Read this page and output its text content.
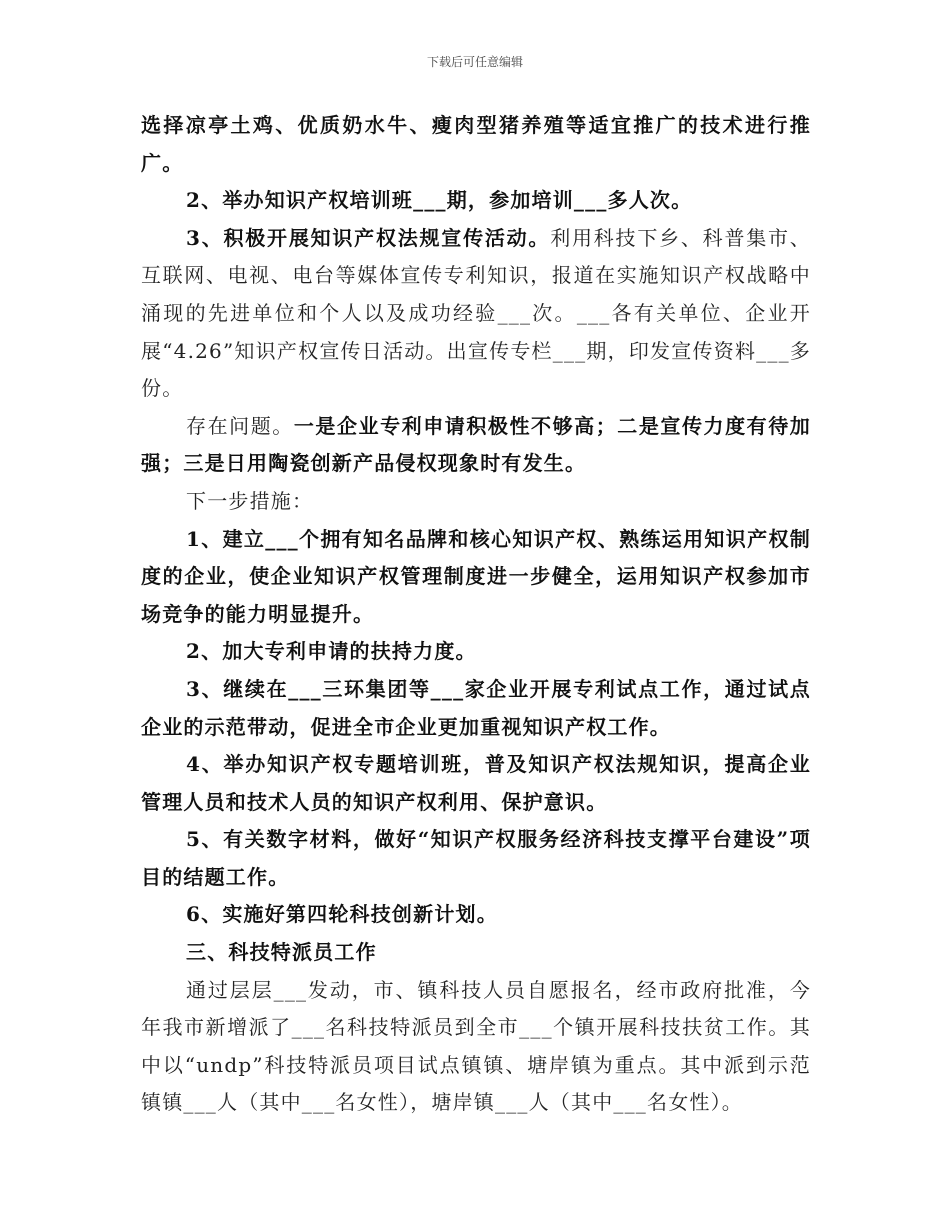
下载后可任意编辑

选择凉亭土鸡、优质奶水牛、瘦肉型猪养殖等适宜推广的技术进行推广。

2、举办知识产权培训班___期，参加培训___多人次。

3、积极开展知识产权法规宣传活动。利用科技下乡、科普集市、互联网、电视、电台等媒体宣传专利知识，报道在实施知识产权战略中涌现的先进单位和个人以及成功经验___次。___各有关单位、企业开展“4.26”知识产权宣传日活动。出宣传专栏___期，印发宣传资料___多份。

存在问题。一是企业专利申请积极性不够高；二是宣传力度有待加强；三是日用陶瓷创新产品侵权现象时有发生。

下一步措施：

1、建立___个拥有知名品牌和核心知识产权、熟练运用知识产权制度的企业，使企业知识产权管理制度进一步健全，运用知识产权参加市场竞争的能力明显提升。

2、加大专利申请的扶持力度。

3、继续在___三环集团等___家企业开展专利试点工作，通过试点企业的示范带动，促进全市企业更加重视知识产权工作。

4、举办知识产权专题培训班，普及知识产权法规知识，提高企业管理人员和技术人员的知识产权利用、保护意识。

5、有关数字材料，做好“知识产权服务经济科技支撑平台建设”项目的结题工作。

6、实施好第四轮科技创新计划。

三、科技特派员工作

通过层层___发动，市、镇科技人员自愿报名，经市政府批准，今年我市新增派了___名科技特派员到全市___个镇开展科技扶贫工作。其中以“undp”科技特派员项目试点镇镇、塘岸镇为重点。其中派到示范镇镇___人（其中___名女性），塘岸镇___人（其中___名女性）。
